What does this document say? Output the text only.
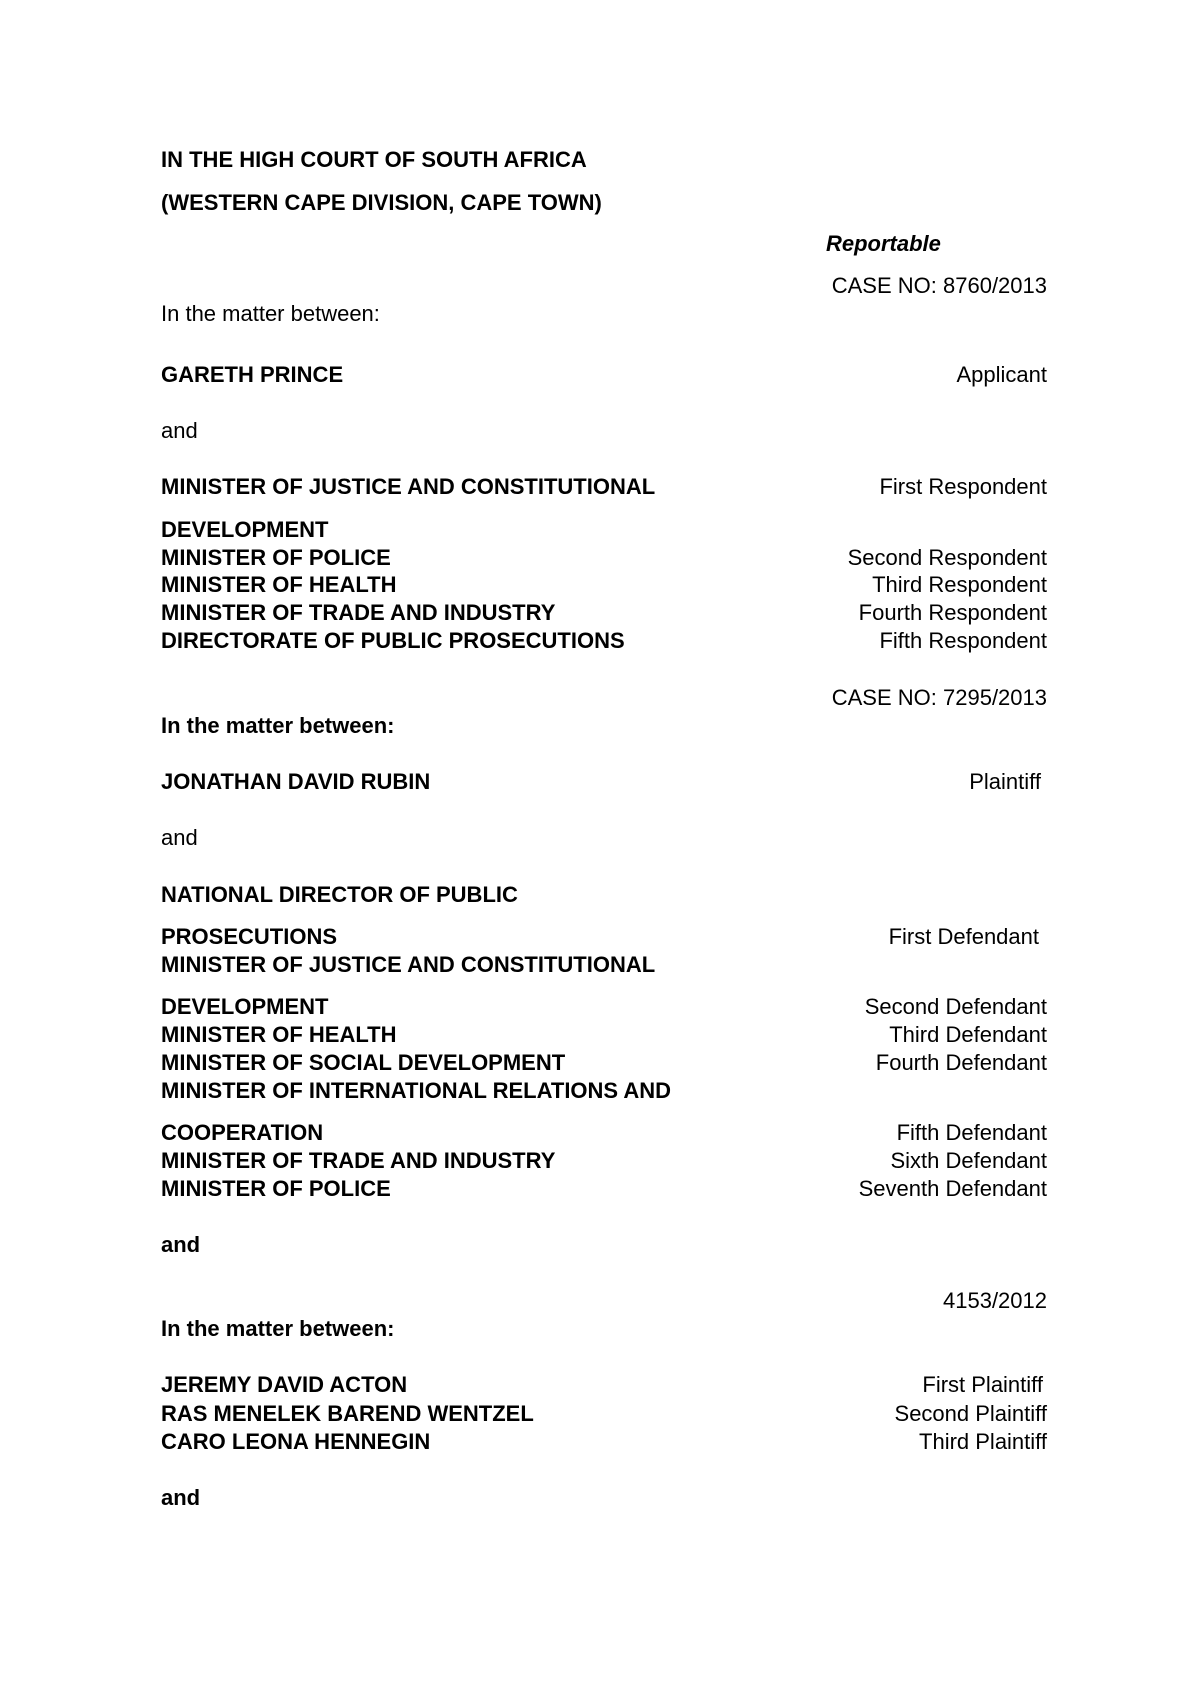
IN THE HIGH COURT OF SOUTH AFRICA
(WESTERN CAPE DIVISION, CAPE TOWN)
Reportable
CASE NO: 8760/2013
In the matter between:
GARETH PRINCE	Applicant
and
MINISTER OF JUSTICE AND CONSTITUTIONAL	First Respondent
DEVELOPMENT
MINISTER OF POLICE	Second Respondent
MINISTER OF HEALTH	Third Respondent
MINISTER OF TRADE AND INDUSTRY	Fourth Respondent
DIRECTORATE OF PUBLIC PROSECUTIONS	Fifth Respondent
CASE NO: 7295/2013
In the matter between:
JONATHAN DAVID RUBIN	Plaintiff
and
NATIONAL DIRECTOR OF PUBLIC
PROSECUTIONS	First Defendant
MINISTER OF JUSTICE AND CONSTITUTIONAL
DEVELOPMENT	Second Defendant
MINISTER OF HEALTH	Third Defendant
MINISTER OF SOCIAL DEVELOPMENT	Fourth Defendant
MINISTER OF INTERNATIONAL RELATIONS AND
COOPERATION	Fifth Defendant
MINISTER OF TRADE AND INDUSTRY	Sixth Defendant
MINISTER OF POLICE	Seventh Defendant
and
4153/2012
In the matter between:
JEREMY DAVID ACTON	First Plaintiff
RAS MENELEK BAREND WENTZEL	Second Plaintiff
CARO LEONA HENNEGIN	Third Plaintiff
and
